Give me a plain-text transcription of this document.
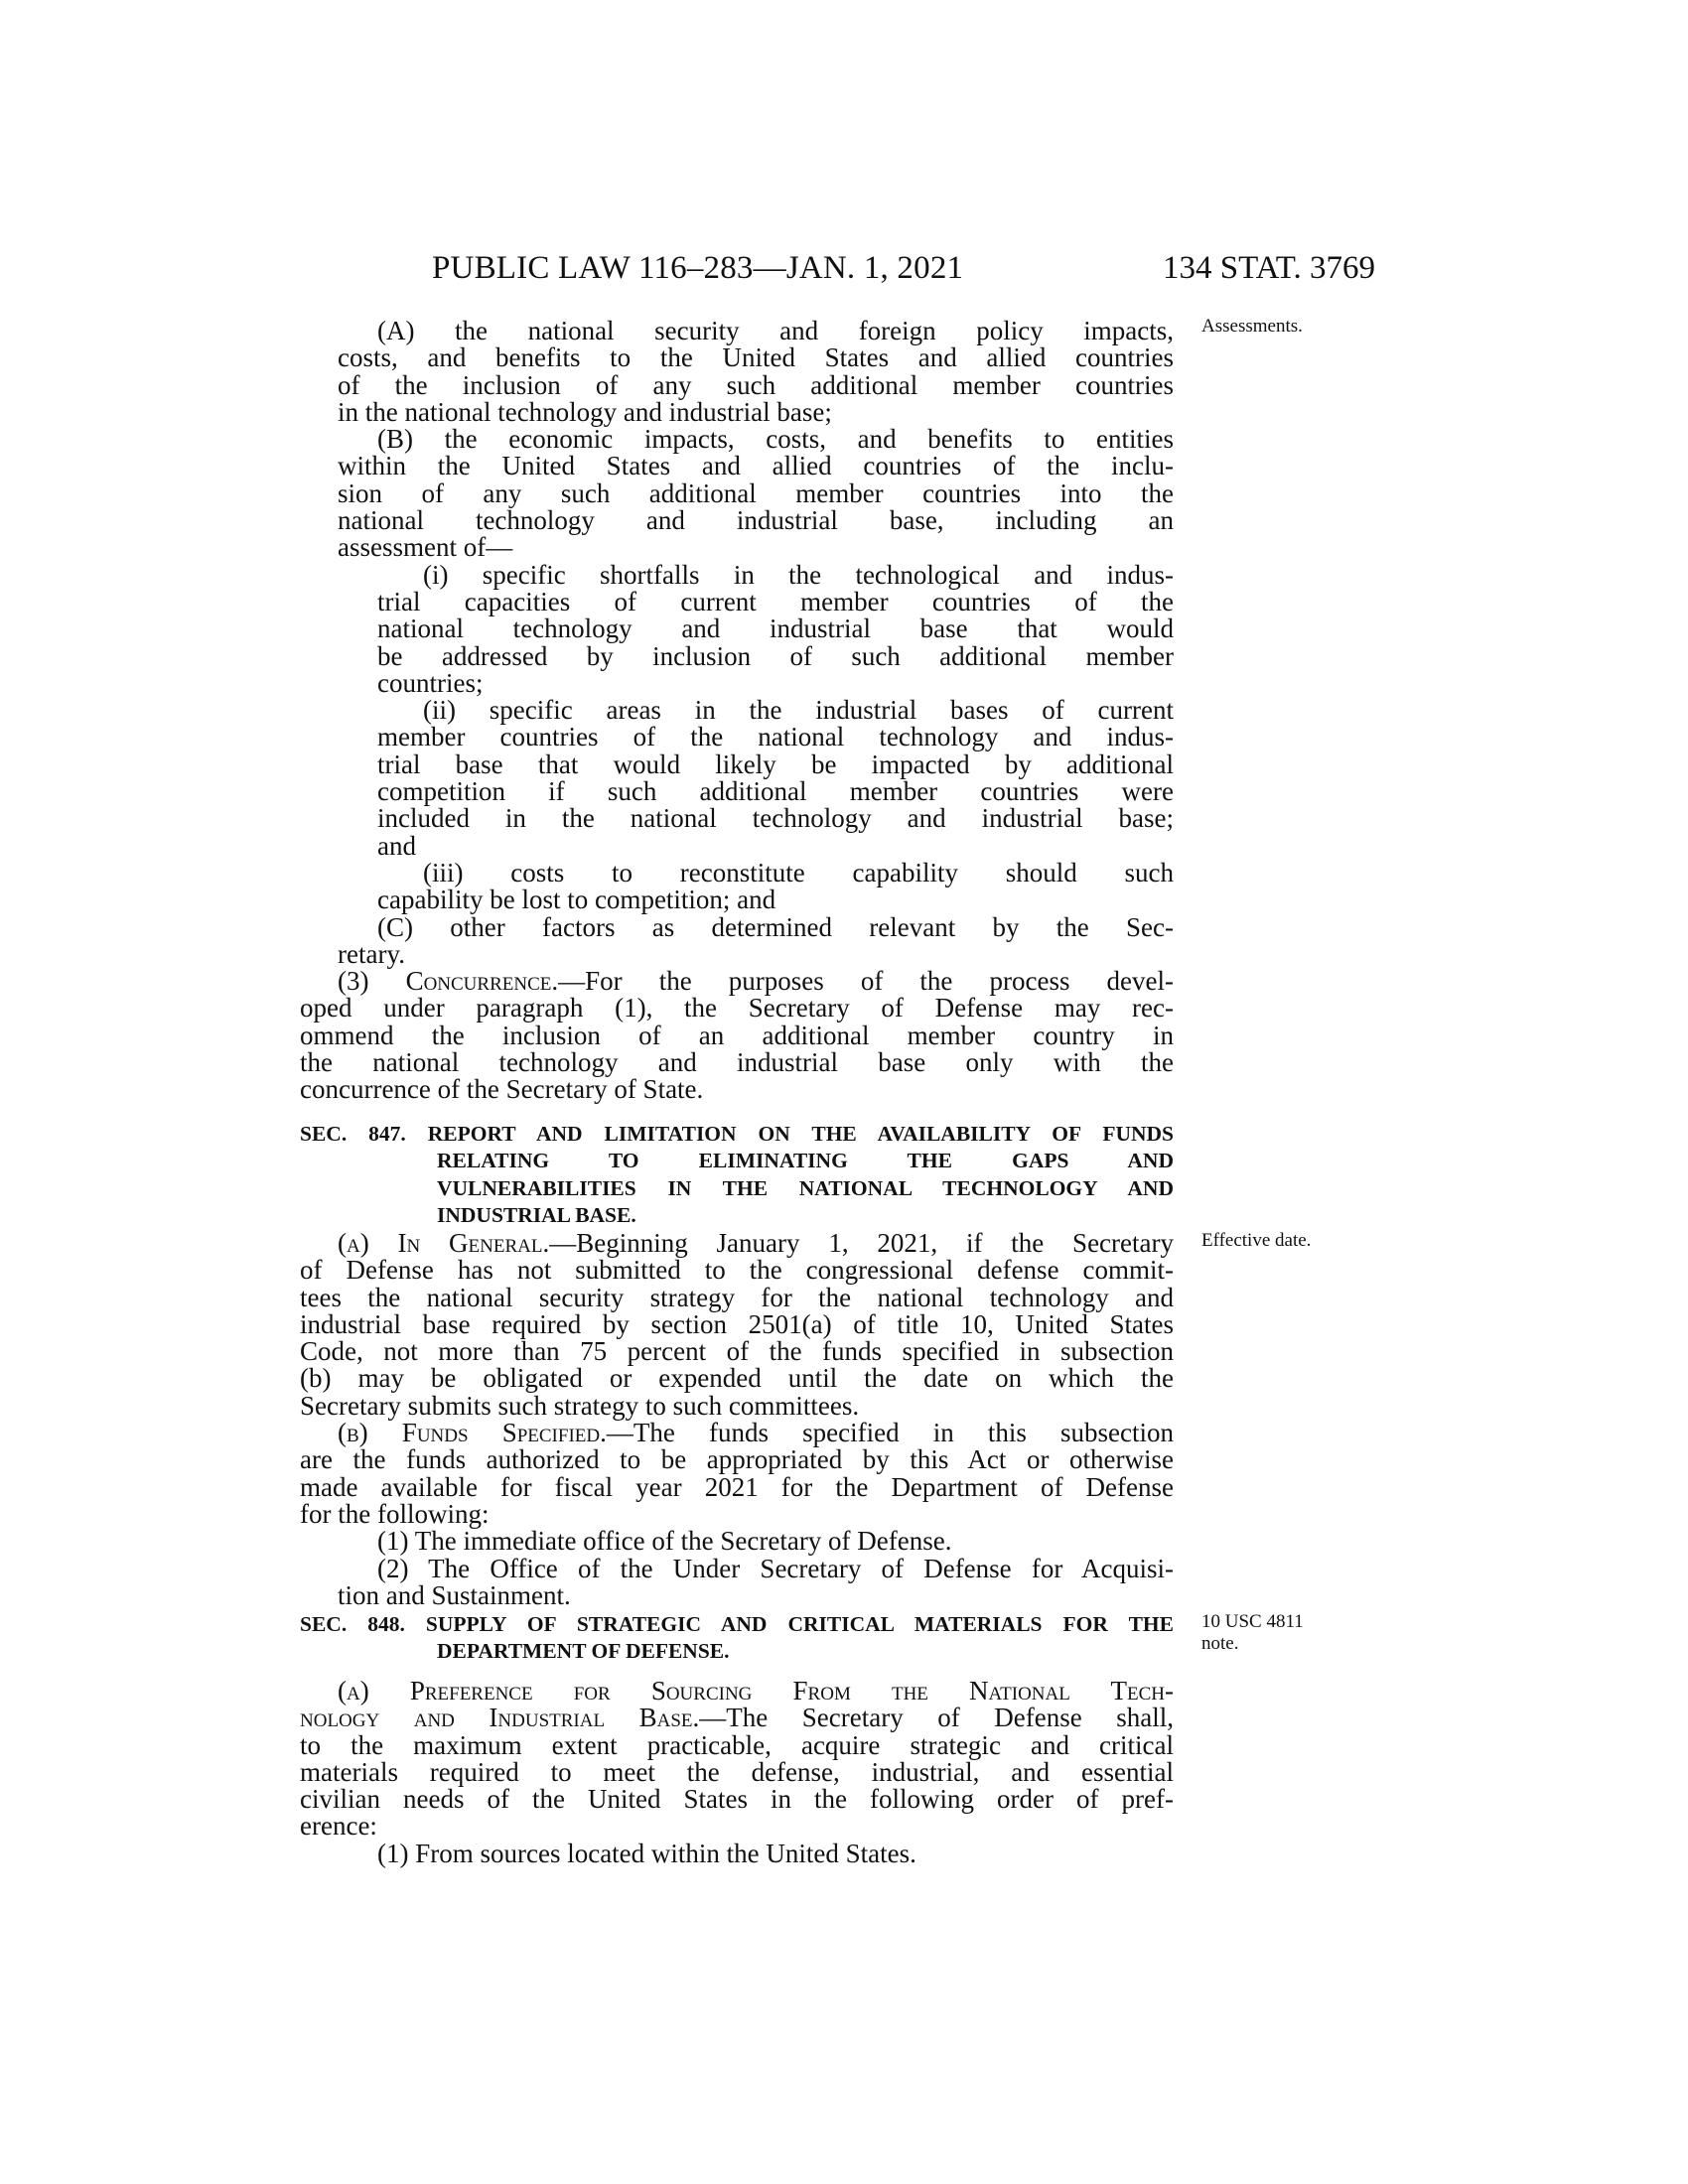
PUBLIC LAW 116–283—JAN. 1, 2021	134 STAT. 3769
Assessments.
Effective date.
10 USC 4811
note.
(A) the national security and foreign policy impacts,
costs, and benefits to the United States and allied countries
of the inclusion of any such additional member countries
in the national technology and industrial base;
(B) the economic impacts, costs, and benefits to entities
within the United States and allied countries of the inclu-
sion of any such additional member countries into the
national technology and industrial base, including an
assessment of—
(i) specific shortfalls in the technological and indus-
trial capacities of current member countries of the
national technology and industrial base that would
be addressed by inclusion of such additional member
countries;
(ii) specific areas in the industrial bases of current
member countries of the national technology and indus-
trial base that would likely be impacted by additional
competition if such additional member countries were
included in the national technology and industrial base;
and
(iii) costs to reconstitute capability should such
capability be lost to competition; and
(C) other factors as determined relevant by the Sec-
retary.
(3) Concurrence.—For the purposes of the process devel-
oped under paragraph (1), the Secretary of Defense may rec-
ommend the inclusion of an additional member country in
the national technology and industrial base only with the
concurrence of the Secretary of State.
SEC. 847. REPORT AND LIMITATION ON THE AVAILABILITY OF FUNDS
RELATING TO ELIMINATING THE GAPS AND
VULNERABILITIES IN THE NATIONAL TECHNOLOGY AND
INDUSTRIAL BASE.
(a) In General.—Beginning January 1, 2021, if the Secretary
of Defense has not submitted to the congressional defense commit-
tees the national security strategy for the national technology and
industrial base required by section 2501(a) of title 10, United States
Code, not more than 75 percent of the funds specified in subsection
(b) may be obligated or expended until the date on which the
Secretary submits such strategy to such committees.
(b) Funds Specified.—The funds specified in this subsection
are the funds authorized to be appropriated by this Act or otherwise
made available for fiscal year 2021 for the Department of Defense
for the following:
(1) The immediate office of the Secretary of Defense.
(2) The Office of the Under Secretary of Defense for Acquisi-
tion and Sustainment.
SEC. 848. SUPPLY OF STRATEGIC AND CRITICAL MATERIALS FOR THE
DEPARTMENT OF DEFENSE.
(a) Preference for Sourcing From the National Tech-
nology and Industrial Base.—The Secretary of Defense shall,
to the maximum extent practicable, acquire strategic and critical
materials required to meet the defense, industrial, and essential
civilian needs of the United States in the following order of pref-
erence:
(1) From sources located within the United States.
